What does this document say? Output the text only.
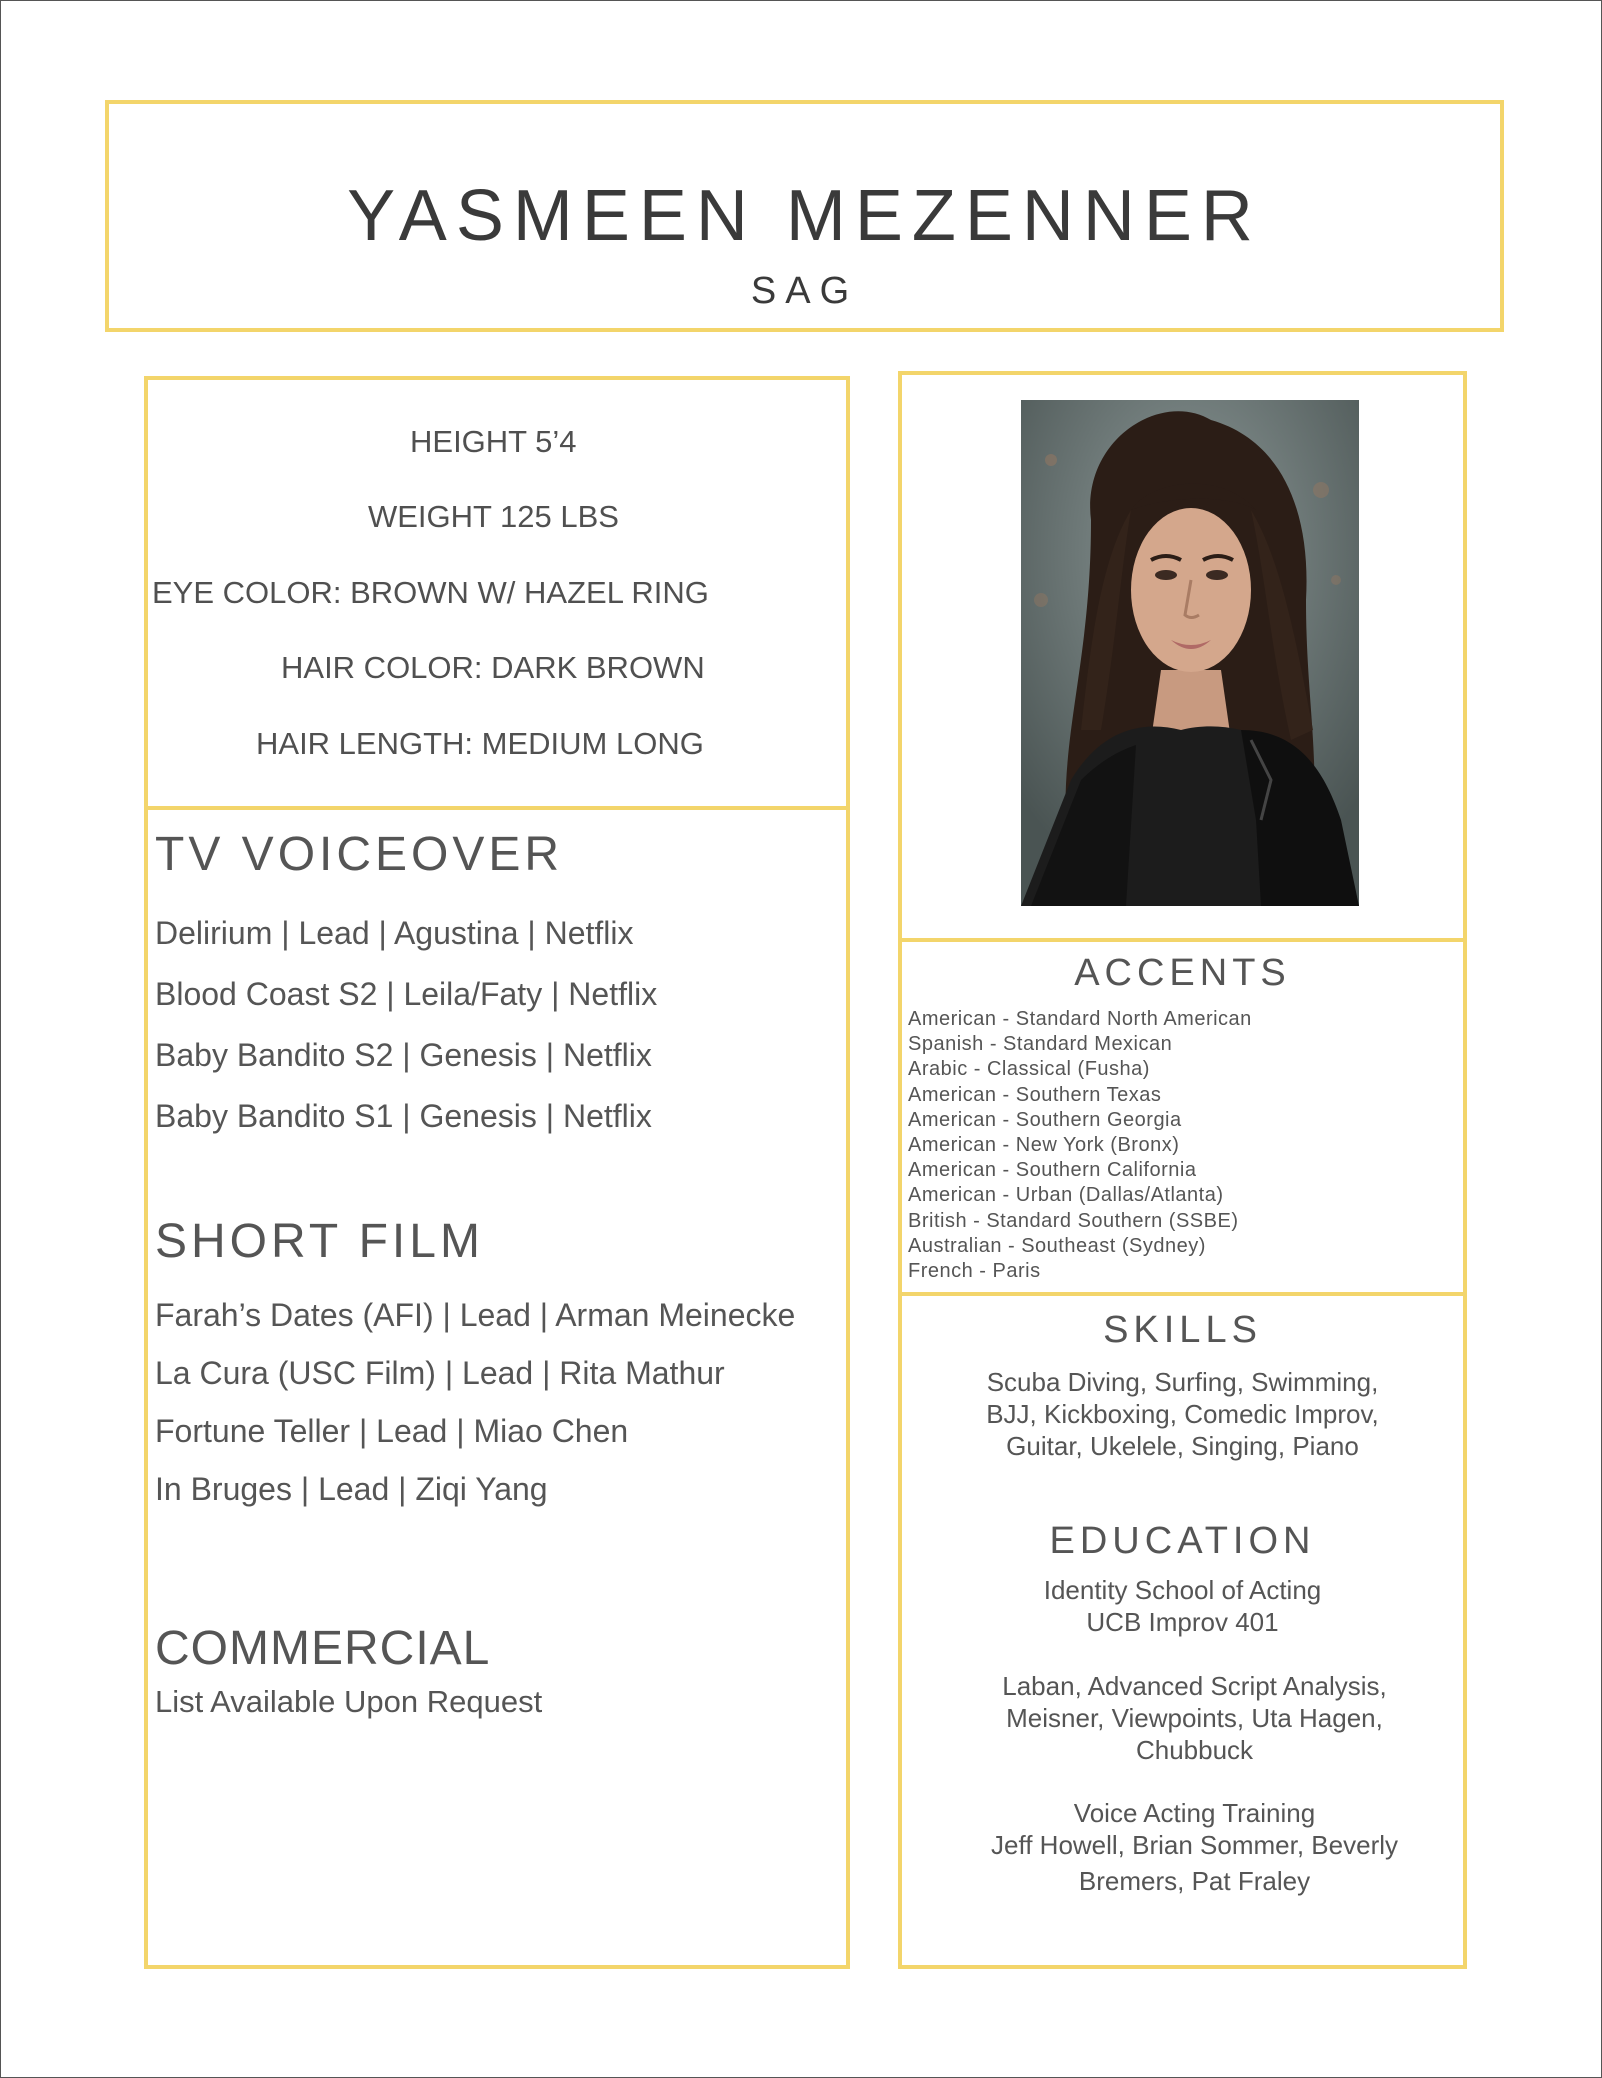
YASMEEN MEZENNER
SAG
HEIGHT 5’4
WEIGHT 125 LBS
EYE COLOR: BROWN W/ HAZEL RING
HAIR COLOR: DARK BROWN
HAIR LENGTH: MEDIUM LONG
TV VOICEOVER
Delirium | Lead | Agustina | Netflix
Blood Coast S2 | Leila/Faty | Netflix
Baby Bandito S2 | Genesis | Netflix
Baby Bandito S1 | Genesis | Netflix
SHORT FILM
Farah’s Dates (AFI) | Lead | Arman Meinecke
La Cura (USC Film) | Lead | Rita Mathur
Fortune Teller | Lead | Miao Chen
In Bruges | Lead | Ziqi Yang
COMMERCIAL
List Available Upon Request
ACCENTS
American - Standard North American
Spanish - Standard Mexican
Arabic - Classical (Fusha)
American - Southern Texas
American - Southern Georgia
American - New York (Bronx)
American - Southern California
American - Urban (Dallas/Atlanta)
British - Standard Southern (SSBE)
Australian - Southeast (Sydney)
French - Paris
SKILLS
Scuba Diving, Surfing, Swimming,
BJJ, Kickboxing, Comedic Improv,
Guitar, Ukelele, Singing, Piano
EDUCATION
Identity School of Acting
UCB Improv 401
Laban, Advanced Script Analysis,
Meisner, Viewpoints, Uta Hagen,
Chubbuck
Voice Acting Training
Jeff Howell, Brian Sommer, Beverly
Bremers, Pat Fraley
